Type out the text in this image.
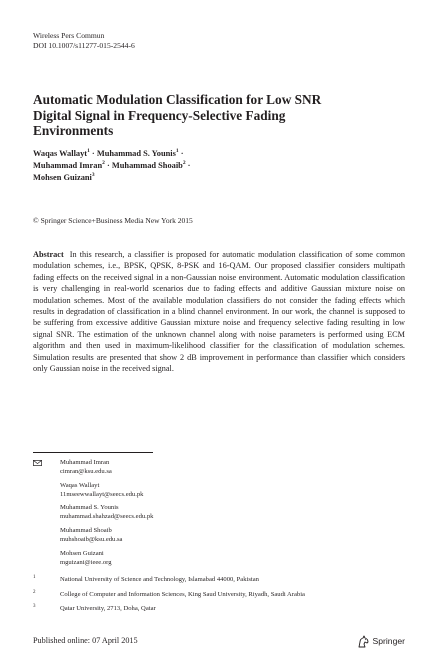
Wireless Pers Commun
DOI 10.1007/s11277-015-2544-6
Automatic Modulation Classification for Low SNR
Digital Signal in Frequency-Selective Fading
Environments
Waqas Wallayt$^1$ · Muhammad S. Younis$^1$ ·
Muhammad Imran$^2$ · Muhammad Shoaib$^2$ ·
Mohsen Guizani$^3$
© Springer Science+Business Media New York 2015
Abstract In this research, a classifier is proposed for automatic modulation classification of some common modulation schemes, i.e., BPSK, QPSK, 8-PSK and 16-QAM. Our proposed classifier considers multipath fading effects on the received signal in a non-Gaussian noise environment. Automatic modulation classification is very challenging in real-world scenarios due to fading effects and additive Gaussian mixture noise on modulation schemes. Most of the available modulation classifiers do not consider the fading effects which results in degradation of classification in a blind channel environment. In our work, the channel is supposed to be suffering from excessive additive Gaussian mixture noise and frequency selective fading resulting in low signal SNR. The estimation of the unknown channel along with noise parameters is performed using ECM algorithm and then used in maximum-likelihood classifier for the classification of modulation schemes. Simulation results are presented that show 2 dB improvement in performance than classifier which considers only Gaussian noise in the received signal.
Muhammad Imran
cimran@ksu.edu.sa
Waqas Wallayt
11mseewwallayt@seecs.edu.pk
Muhammad S. Younis
muhammad.shahzad@seecs.edu.pk
Muhammad Shoaib
muhshoaib@ksu.edu.sa
Mohsen Guizani
mguizani@ieee.org
1	National University of Science and Technology, Islamabad 44000, Pakistan
2	College of Computer and Information Sciences, King Saud University, Riyadh, Saudi Arabia
3	Qatar University, 2713, Doha, Qatar
Published online: 07 April 2015	Springer
